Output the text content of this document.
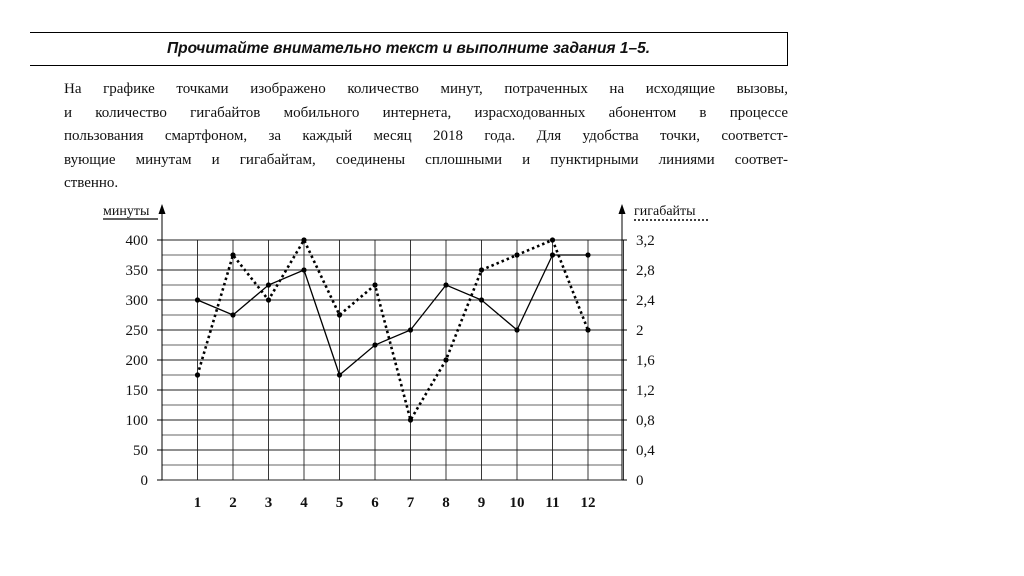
Прочитайте внимательно текст и выполните задания 1–5.
На графике точками изображено количество минут, потраченных на исходящие вызовы,
и количество гигабайтов мобильного интернета, израсходованных абонентом в процессе
пользования смартфоном, за каждый месяц 2018 года. Для удобства точки, соответст-
вующие минутам и гигабайтам, соединены сплошными и пунктирными линиями соответ-
ственно.
0
50
100
150
200
250
300
350
400
0
0,4
0,8
1,2
1,6
2
2,4
2,8
3,2
1 2 3 4 5 6 7 8 9 10 11 12
минуты	гигабайты
